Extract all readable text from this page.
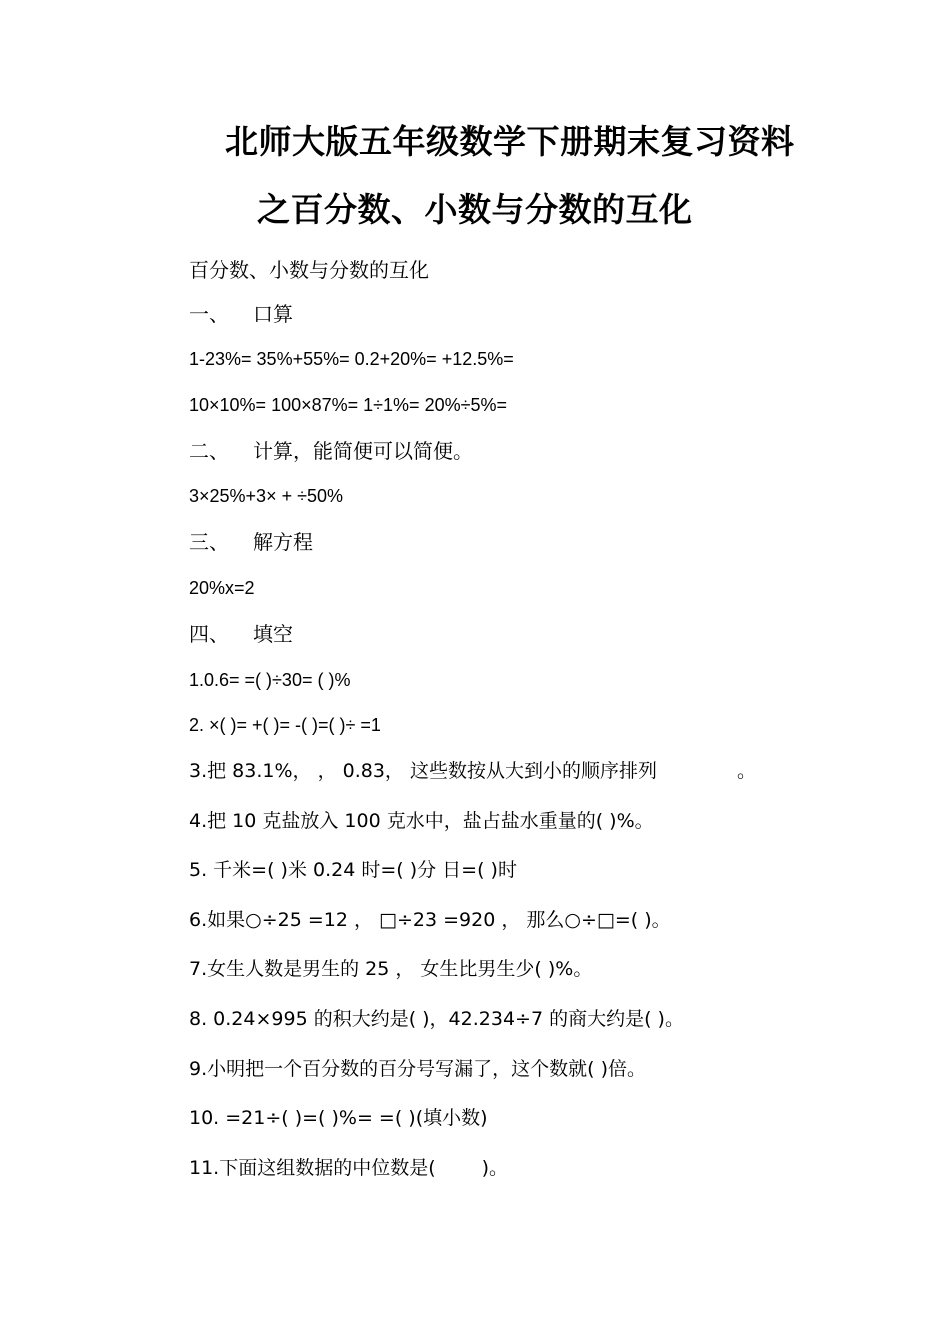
北师大版五年级数学下册期末复习资料
之百分数、小数与分数的互化
百分数、小数与分数的互化
一、 口算
1-23%= 35%+55%= 0.2+20%= +12.5%=
10×10%= 100×87%= 1÷1%= 20%÷5%=
二、 计算，能简便可以简便。
3×25%+3× + ÷50%
三、 解方程
20%x=2
四、 填空
1.0.6= =( )÷30= ( )%
2. ×( )= +( )= -( )=( )÷ =1
3.把 83.1%， ， 0.83， 这些数按从大到小的顺序排列	。
4.把 10 克盐放入 100 克水中，盐占盐水重量的( )%。
5. 千米=( )米 0.24 时=( )分 日=( )时
6.如果○÷25 =12 ， □÷23 =920 ， 那么○÷□=( )。
7.女生人数是男生的 25 ， 女生比男生少( )%。
8. 0.24×995 的积大约是( )，42.234÷7 的商大约是( )。
9.小明把一个百分数的百分号写漏了，这个数就( )倍。
10. =21÷( )=( )%= =( )(填小数)
11.下面这组数据的中位数是( )。
